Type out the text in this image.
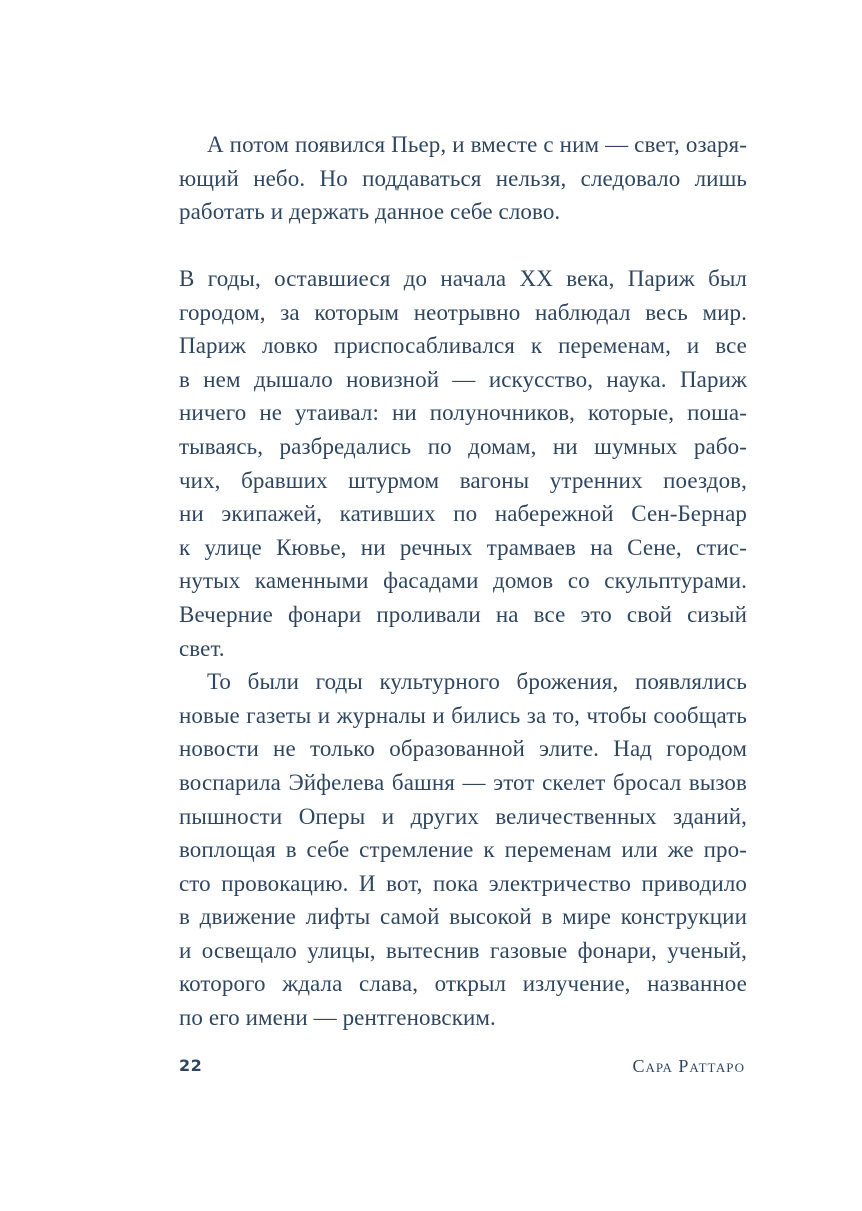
А потом появился Пьер, и вместе с ним — свет, озаря-
ющий небо. Но поддаваться нельзя, следовало лишь
работать и держать данное себе слово.
В годы, оставшиеся до начала XX века, Париж был
городом, за которым неотрывно наблюдал весь мир.
Париж ловко приспосабливался к переменам, и все
в нем дышало новизной — искусство, наука. Париж
ничего не утаивал: ни полуночников, которые, поша-
тываясь, разбредались по домам, ни шумных рабо-
чих, бравших штурмом вагоны утренних поездов,
ни экипажей, кативших по набережной Сен-Бернар
к улице Кювье, ни речных трамваев на Сене, стис-
нутых каменными фасадами домов со скульптурами.
Вечерние фонари проливали на все это свой сизый
свет.
То были годы культурного брожения, появлялись
новые газеты и журналы и бились за то, чтобы сообщать
новости не только образованной элите. Над городом
воспарила Эйфелева башня — этот скелет бросал вызов
пышности Оперы и других величественных зданий,
воплощая в себе стремление к переменам или же про-
сто провокацию. И вот, пока электричество приводило
в движение лифты самой высокой в мире конструкции
и освещало улицы, вытеснив газовые фонари, ученый,
которого ждала слава, открыл излучение, названное
по его имени — рентгеновским.
22	Сара Раттаро
